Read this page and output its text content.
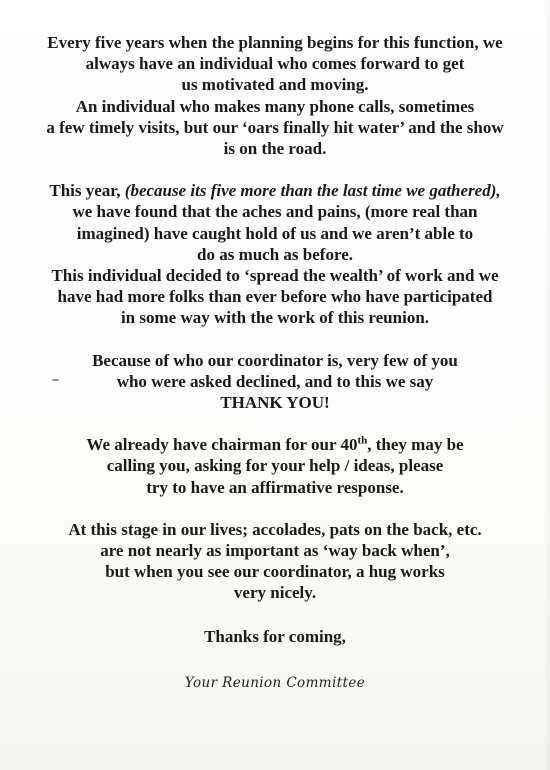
Every five years when the planning begins for this function, we
always have an individual who comes forward to get
us motivated and moving.
An individual who makes many phone calls, sometimes
a few timely visits, but our ‘oars finally hit water’ and the show
is on the road.

This year, (because its five more than the last time we gathered),
we have found that the aches and pains, (more real than
imagined) have caught hold of us and we aren’t able to
do as much as before.
This individual decided to ‘spread the wealth’ of work and we
have had more folks than ever before who have participated
in some way with the work of this reunion.

Because of who our coordinator is, very few of you
who were asked declined, and to this we say
THANK YOU!

We already have chairman for our 40th, they may be
calling you, asking for your help / ideas, please
try to have an affirmative response.

At this stage in our lives; accolades, pats on the back, etc.
are not nearly as important as ‘way back when’,
but when you see our coordinator, a hug works
very nicely.

Thanks for coming,

Your Reunion Committee
